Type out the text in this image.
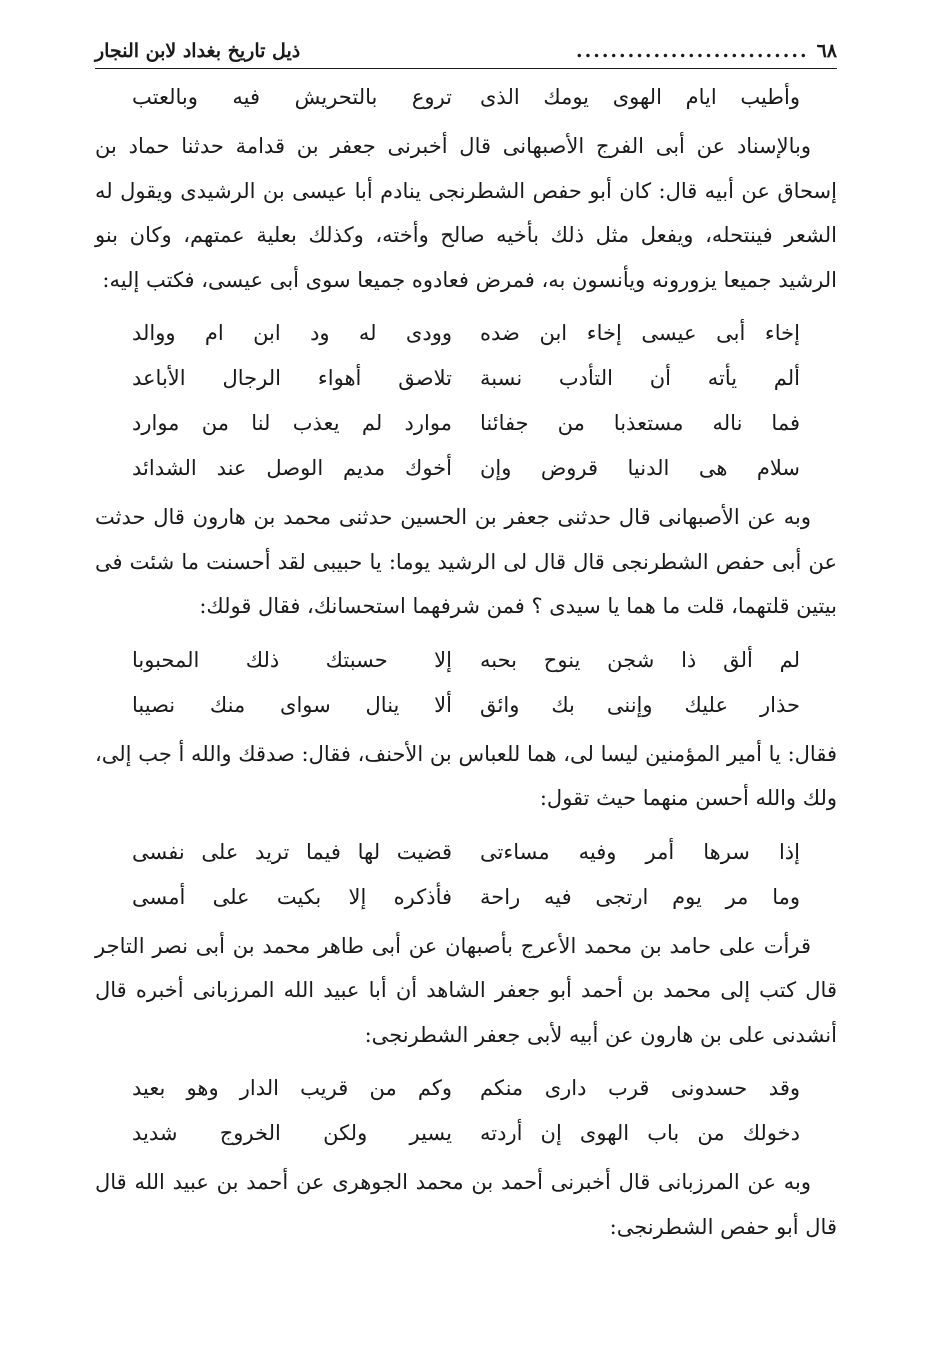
٦٨
...........................
ذيل تاريخ بغداد لابن النجار
وأطيب ايام الهوى يومك الذى
تروع بالتحريش فيه وبالعتب

وبالإسناد عن أبى الفرج الأصبهانى قال أخبرنى جعفر بن قدامة حدثنا حماد بن إسحاق عن أبيه قال: كان أبو حفص الشطرنجى ينادم أبا عيسى بن الرشيدى ويقول له الشعر فينتحله، ويفعل مثل ذلك بأخيه صالح وأخته، وكذلك بعلية عمتهم، وكان بنو الرشيد جميعا يزورونه ويأنسون به، فمرض فعادوه جميعا سوى أبى عيسى، فكتب إليه:

إخاء أبى عيسى إخاء ابن ضده
وودى له ود ابن ام ووالد
ألم يأته أن التأدب نسبة
تلاصق أهواء الرجال الأباعد
فما ناله مستعذبا من جفائنا
موارد لم يعذب لنا من موارد
سلام هى الدنيا قروض وإن
أخوك مديم الوصل عند الشدائد

وبه عن الأصبهانى قال حدثنى جعفر بن الحسين حدثنى محمد بن هارون قال حدثت عن أبى حفص الشطرنجى قال قال لى الرشيد يوما: يا حبيبى لقد أحسنت ما شئت فى بيتين قلتهما، قلت ما هما يا سيدى ؟ فمن شرفهما استحسانك، فقال قولك:

لم ألق ذا شجن ينوح بحبه
إلا حسبتك ذلك المحبوبا
حذار عليك وإننى بك وائق
ألا ينال سواى منك نصيبا

فقال: يا أمير المؤمنين ليسا لى، هما للعباس بن الأحنف، فقال: صدقك والله أ جب إلى، ولك والله أحسن منهما حيث تقول:

إذا سرها أمر وفيه مساءتى
قضيت لها فيما تريد على نفسى
وما مر يوم ارتجى فيه راحة
فأذكره إلا بكيت على أمسى

قرأت على حامد بن محمد الأعرج بأصبهان عن أبى طاهر محمد بن أبى نصر التاجر قال كتب إلى محمد بن أحمد أبو جعفر الشاهد أن أبا عبيد الله المرزبانى أخبره قال أنشدنى على بن هارون عن أبيه لأبى جعفر الشطرنجى:

وقد حسدونى قرب دارى منكم
وكم من قريب الدار وهو بعيد
دخولك من باب الهوى إن أردته
يسير ولكن الخروج شديد

وبه عن المرزبانى قال أخبرنى أحمد بن محمد الجوهرى عن أحمد بن عبيد الله قال قال أبو حفص الشطرنجى:
